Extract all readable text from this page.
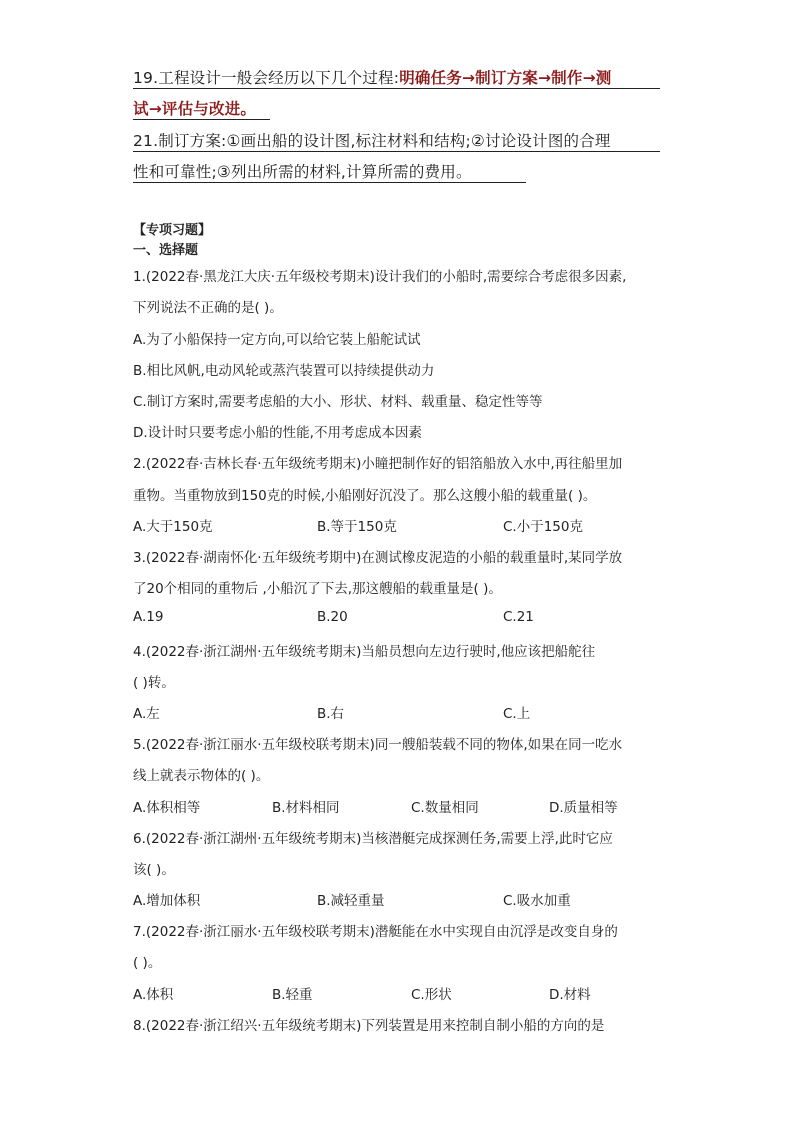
19.工程设计一般会经历以下几个过程:明确任务→制订方案→制作→测
试→评估与改进。
21.制订方案:①画出船的设计图,标注材料和结构;②讨论设计图的合理
性和可靠性;③列出所需的材料,计算所需的费用。
【专项习题】
一、选择题
1.(2022春·黑龙江大庆·五年级校考期末)设计我们的小船时,需要综合考虑很多因素,
下列说法不正确的是( )。
A.为了小船保持一定方向,可以给它装上船舵试试
B.相比风帆,电动风轮或蒸汽装置可以持续提供动力
C.制订方案时,需要考虑船的大小、形状、材料、载重量、稳定性等等
D.设计时只要考虑小船的性能,不用考虑成本因素
2.(2022春·吉林长春·五年级统考期末)小瞳把制作好的铝箔船放入水中,再往船里加
重物。当重物放到150克的时候,小船刚好沉没了。那么这艘小船的载重量( )。
A.大于150克	B.等于150克	C.小于150克
3.(2022春·湖南怀化·五年级统考期中)在测试橡皮泥造的小船的载重量时,某同学放
了20个相同的重物后 ,小船沉了下去,那这艘船的载重量是( )。
A.19	B.20	C.21
4.(2022春·浙江湖州·五年级统考期末)当船员想向左边行驶时,他应该把船舵往
( )转。
A.左	B.右	C.上
5.(2022春·浙江丽水·五年级校联考期末)同一艘船装载不同的物体,如果在同一吃水
线上就表示物体的( )。
A.体积相等	B.材料相同	C.数量相同	D.质量相等
6.(2022春·浙江湖州·五年级统考期末)当核潜艇完成探测任务,需要上浮,此时它应
该( )。
A.增加体积	B.减轻重量	C.吸水加重
7.(2022春·浙江丽水·五年级校联考期末)潜艇能在水中实现自由沉浮是改变自身的
( )。
A.体积	B.轻重	C.形状	D.材料
8.(2022春·浙江绍兴·五年级统考期末)下列装置是用来控制自制小船的方向的是
